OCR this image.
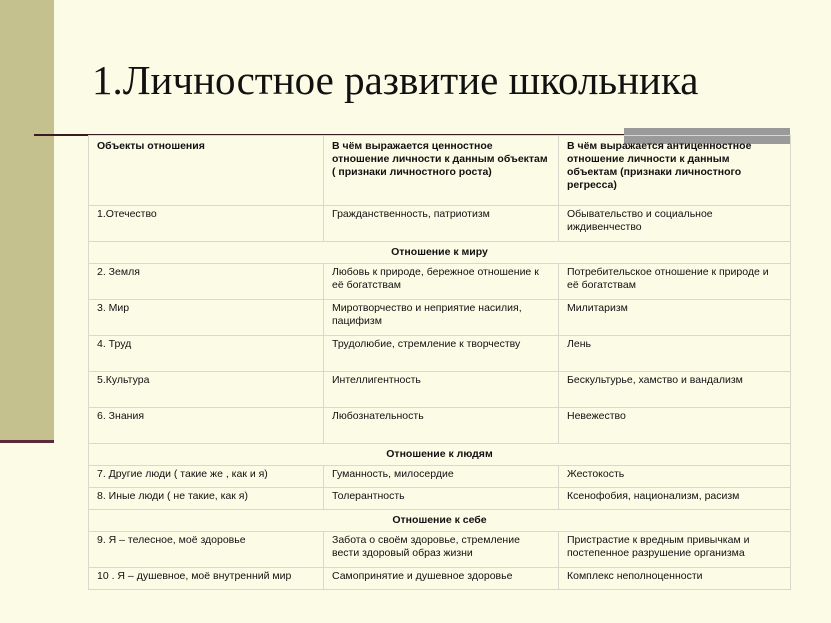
1.Личностное развитие школьника
Объекты отношения	В чём выражается ценностное отношение личности к данным объектам ( признаки личностного роста)	В чём выражается антиценностное отношение личности к данным объектам (признаки личностного регресса)
1.Отечество	Гражданственность, патриотизм	Обывательство и социальное иждивенчество
Отношение к миру		
2. Земля	Любовь к природе, бережное отношение к её богатствам	Потребительское отношение к природе и её богатствам
3. Мир	Миротворчество и неприятие насилия, пацифизм	Милитаризм
4. Труд	Трудолюбие, стремление к творчеству	Лень
5.Культура	Интеллигентность	Бескультурье, хамство и вандализм
6. Знания	Любознательность	Невежество
Отношение к людям		
7. Другие люди ( такие же , как и я)	Гуманность, милосердие	Жестокость
8. Иные люди ( не такие, как я)	Толерантность	Ксенофобия, национализм, расизм
Отношение к себе		
9. Я – телесное, моё здоровье	Забота о своём здоровье, стремление вести здоровый образ жизни	Пристрастие к вредным привычкам и постепенное разрушение организма
10 . Я – душевное, моё внутренний мир	Самопринятие и душевное здоровье	Комплекс неполноценности
